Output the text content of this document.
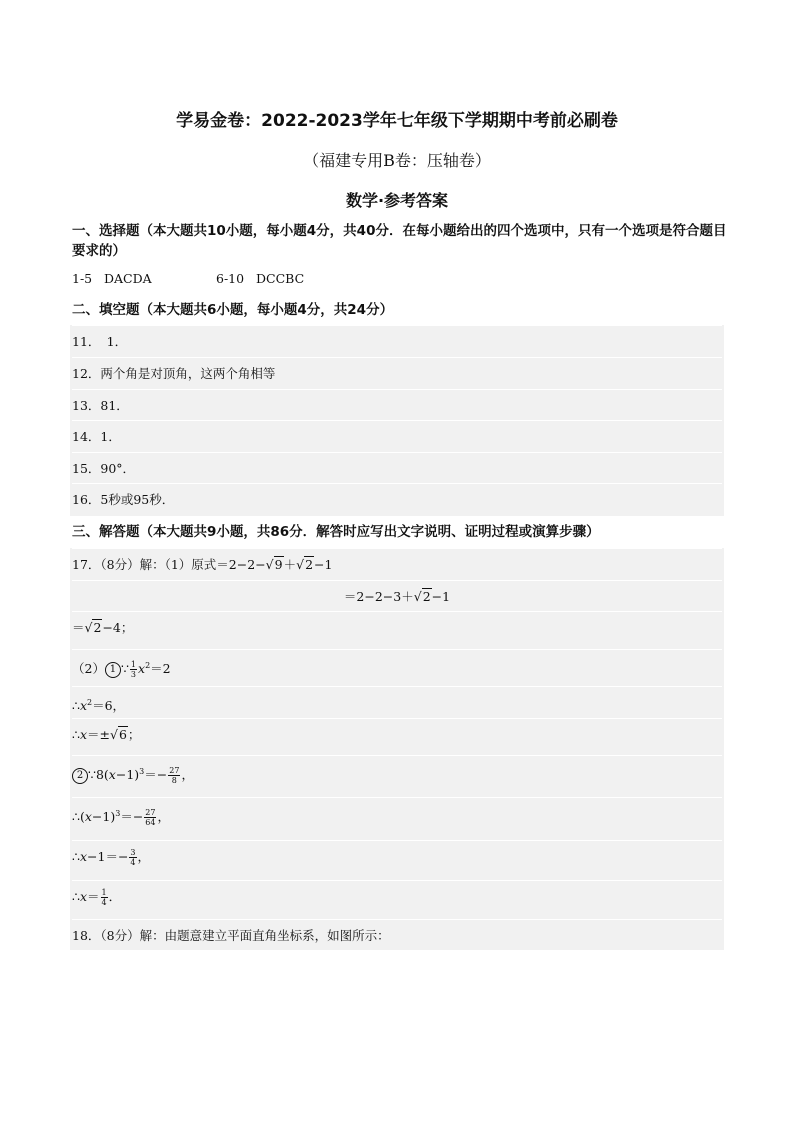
学易金卷：2022-2023学年七年级下学期期中考前必刷卷
（福建专用B卷：压轴卷）
数学·参考答案
一、选择题（本大题共10小题，每小题4分，共40分．在每小题给出的四个选项中，只有一个选项是符合题目要求的）
1-5 DACDA	6-10 DCCBC
二、填空题（本大题共6小题，每小题4分，共24分）
11．　1．
12．两个角是对顶角，这两个角相等
13．81．
14．1．
15．90°．
16．5秒或95秒．
三、解答题（本大题共9小题，共86分．解答时应写出文字说明、证明过程或演算步骤）
17．（8分）解：（1）原式＝2−2−√9＋√2−1
＝2−2−3＋√2−1
＝√2−4；
（2） 1 ∵ $\frac{1}{3} x^2=2$
$\therefore x^2=6$，
∴x＝±√6；
2 $\because 8(x-1)^3=- \frac{27}{8}$ ，
$\therefore(x-1)^3=- \frac{27}{64}$ ，
∴x−1＝− $\frac{3}{4}$ ，
∴x＝ $\frac{1}{4}$ ．
18．（8分）解：由题意建立平面直角坐标系，如图所示：
